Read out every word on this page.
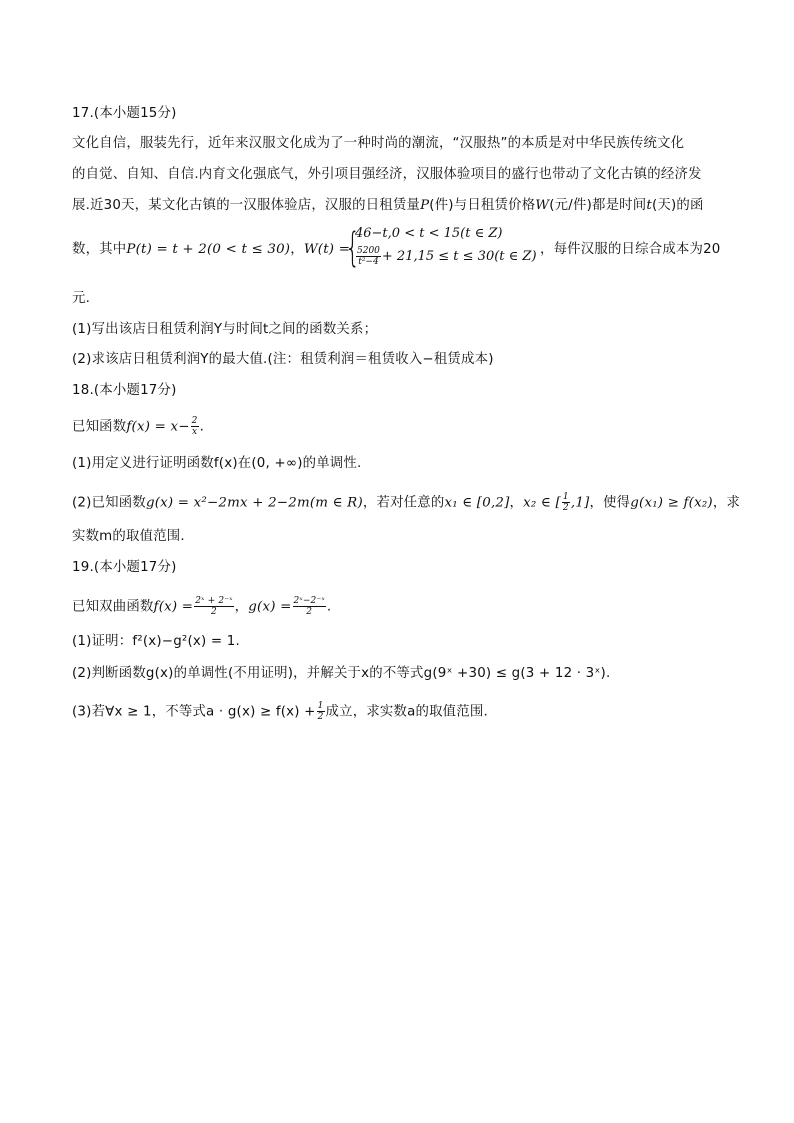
17.(本小题15分)
文化自信，服装先行，近年来汉服文化成为了一种时尚的潮流，“汉服热”的本质是对中华民族传统文化
的自觉、自知、自信.内育文化强底气，外引项目强经济，汉服体验项目的盛行也带动了文化古镇的经济发
展.近30天，某文化古镇的一汉服体验店，汉服的日租赁量P(件)与日租赁价格W(元/件)都是时间t(天)的函
数，其中P(t) = t + 2(0 < t ≤ 30)，W(t) =
{
46−t,0 < t < 15(t ∈ Z)
$\frac{5200}{\text{t²−4}} + 21,15 \le t \le 30(t$ ∈ Z) ，每件汉服的日综合成本为20
元.
(1)写出该店日租赁利润Y与时间t之间的函数关系；
(2)求该店日租赁利润Y的最大值.(注：租赁利润＝租赁收入−租赁成本)
18.(本小题17分)
已知函数$f(x) = x- \frac{2}{x}$ .
(1)用定义进行证明函数f(x)在(0, +∞)的单调性.
(2)已知函数g(x) = x²−2mx + 2−2m(m ∈ R)，若对任意的x₁ ∈ [0,2]，x₂ ∈ [ $\frac{1}{2} ,1$]，使得g(x₁) ≥ f(x₂)，求
实数m的取值范围.
19.(本小题17分)
已知双曲函数$f(x) = \frac{\text{2ˣ + 2⁻ˣ}}{2}$ ，$g(x) = \frac{\text{2ˣ−2⁻ˣ}}{2}$ .
(1)证明：f²(x)−g²(x) = 1.
(2)判断函数g(x)的单调性(不用证明)，并解关于x的不等式g(9ˣ +30) ≤ g(3 + 12 · 3ˣ).
(3)若∀x ≥ 1，不等式$a \cdot g(x) \ge f(x) + \frac{1}{2}$ 成立，求实数a的取值范围.
